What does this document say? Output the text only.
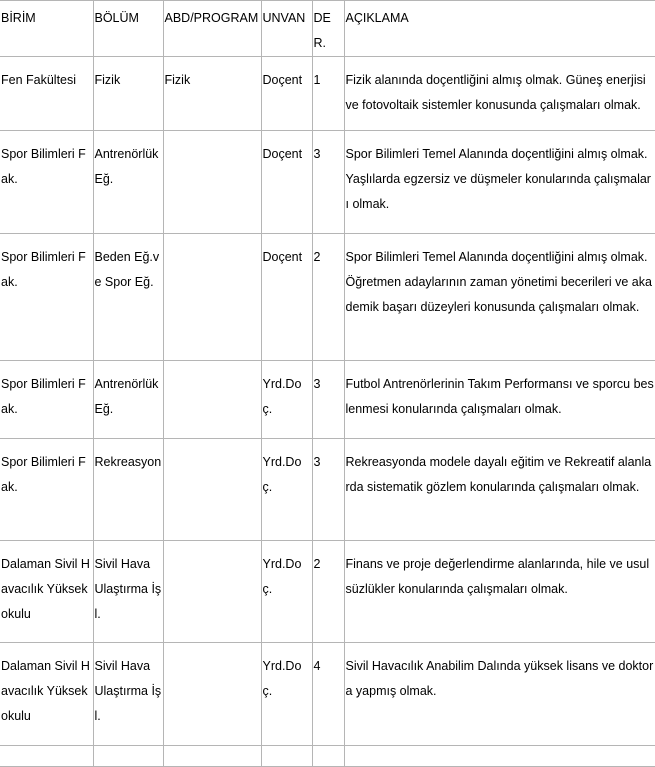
BİRİM	BÖLÜM	ABD/PROGRAM	UNVAN	DER.	AÇIKLAMA
Fen Fakültesi	Fizik	Fizik	Doçent	1	Fizik alanında doçentliğini almış olmak. Güneş enerjisi ve fotovoltaik sistemler konusunda çalışmaları olmak.
Spor Bilimleri Fak.	Antrenörlük Eğ.		Doçent	3	Spor Bilimleri Temel Alanında doçentliğini almış olmak. Yaşlılarda egzersiz ve düşmeler konularında çalışmaları olmak.
Spor Bilimleri Fak.	Beden Eğ.ve Spor Eğ.		Doçent	2	Spor Bilimleri Temel Alanında doçentliğini almış olmak. Öğretmen adaylarının zaman yönetimi becerileri ve akademik başarı düzeyleri konusunda çalışmaları olmak.
Spor Bilimleri Fak.	Antrenörlük Eğ.		Yrd.Doç.	3	Futbol Antrenörlerinin Takım Performansı ve sporcu beslenmesi konularında çalışmaları olmak.
Spor Bilimleri Fak.	Rekreasyon		Yrd.Doç.	3	Rekreasyonda modele dayalı eğitim ve Rekreatif alanlarda sistematik gözlem konularında çalışmaları olmak.
Dalaman Sivil Havacılık Yüksekokulu	Sivil Hava Ulaştırma İşl.		Yrd.Doç.	2	Finans ve proje değerlendirme alanlarında, hile ve usulsüzlükler konularında çalışmaları olmak.
Dalaman Sivil Havacılık Yüksekokulu	Sivil Hava Ulaştırma İşl.		Yrd.Doç.	4	Sivil Havacılık Anabilim Dalında yüksek lisans ve doktora yapmış olmak.
